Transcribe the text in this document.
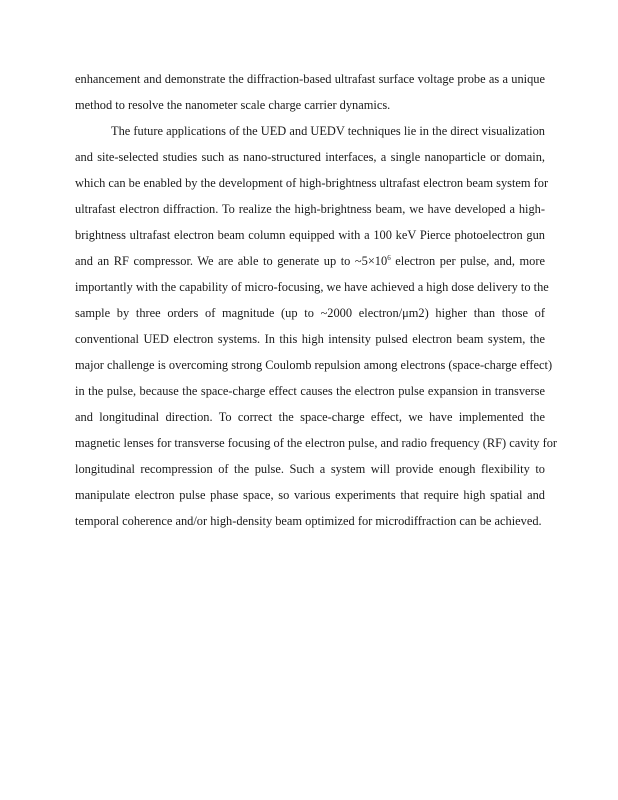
enhancement and demonstrate the diffraction-based ultrafast surface voltage probe as a unique
method to resolve the nanometer scale charge carrier dynamics.
The future applications of the UED and UEDV techniques lie in the direct visualization
and site-selected studies such as nano-structured interfaces, a single nanoparticle or domain,
which can be enabled by the development of high-brightness ultrafast electron beam system for
ultrafast electron diffraction. To realize the high-brightness beam, we have developed a high-
brightness ultrafast electron beam column equipped with a 100 keV Pierce photoelectron gun
and an RF compressor. We are able to generate up to $\sim 5\times 10^6$ electron per pulse, and, more
importantly with the capability of micro-focusing, we have achieved a high dose delivery to the
sample by three orders of magnitude (up to ~2000 electron/μm2) higher than those of
conventional UED electron systems. In this high intensity pulsed electron beam system, the
major challenge is overcoming strong Coulomb repulsion among electrons (space-charge effect)
in the pulse, because the space-charge effect causes the electron pulse expansion in transverse
and longitudinal direction. To correct the space-charge effect, we have implemented the
magnetic lenses for transverse focusing of the electron pulse, and radio frequency (RF) cavity for
longitudinal recompression of the pulse. Such a system will provide enough flexibility to
manipulate electron pulse phase space, so various experiments that require high spatial and
temporal coherence and/or high-density beam optimized for microdiffraction can be achieved.
